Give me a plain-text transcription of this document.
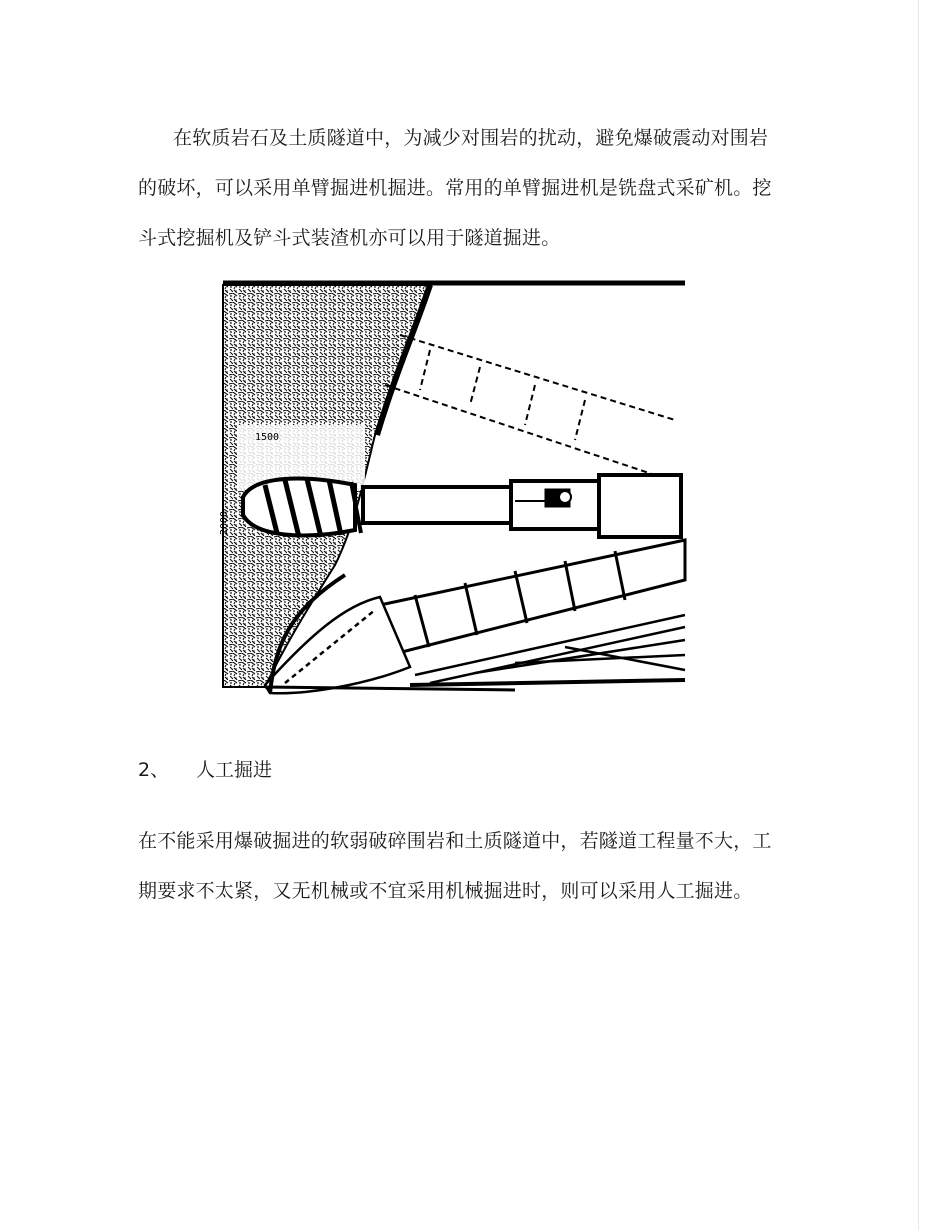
在软质岩石及土质隧道中，为减少对围岩的扰动，避免爆破震动对围岩的破坏，可以采用单臂掘进机掘进。常用的单臂掘进机是铣盘式采矿机。挖斗式挖掘机及铲斗式装渣机亦可以用于隧道掘进。

1500
2000

2、 人工掘进

在不能采用爆破掘进的软弱破碎围岩和土质隧道中，若隧道工程量不大，工期要求不太紧，又无机械或不宜采用机械掘进时，则可以采用人工掘进。
